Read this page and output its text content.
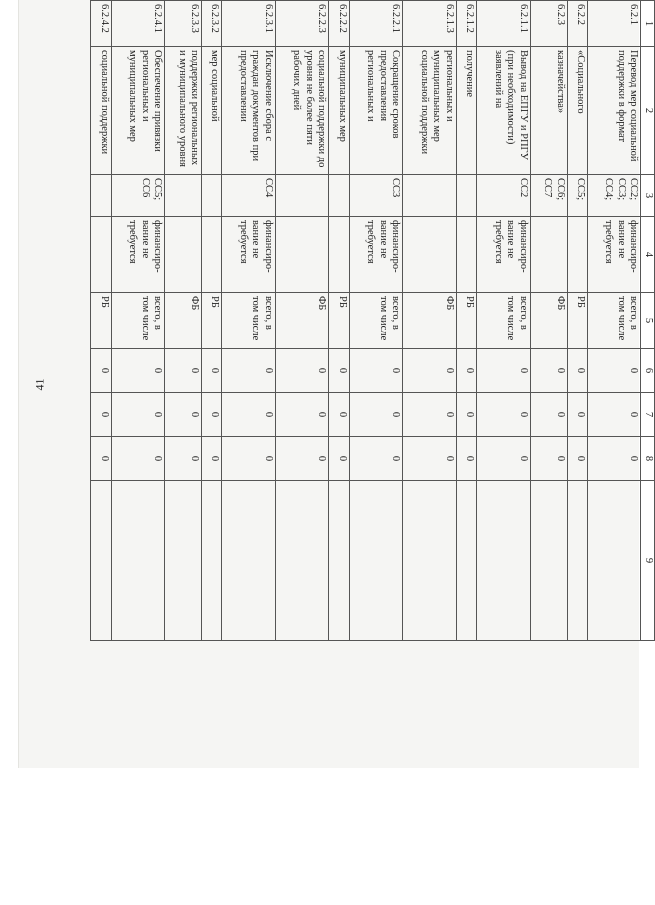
41
1	2	3	4	5	6	7	8	9
6.2.1	Перевод мер социальной поддержки в формат	СС2; СС3; СС4;	финансиро- вание не требуется	всего, в том числе	0	0	0	
6.2.2	«Социального	СС5;		РБ	0	0	0	
6.2.3	казначейства»	СС6; СС7		ФБ	0	0	0	
6.2.1.1	Вывод на ЕПГУ и РПГУ (при необходимости) заявлений на	СС2	финансиро- вание не требуется	всего, в том числе	0	0	0	
6.2.1.2	получение			РБ	0	0	0	
6.2.1.3	региональных и муниципальных мер социальной поддержки			ФБ	0	0	0	
6.2.2.1	Сокращение сроков предоставления региональных и	СС3	финансиро- вание не требуется	всего, в том числе	0	0	0	
6.2.2.2	муниципальных мер			РБ	0	0	0	
6.2.2.3	социальной поддержки до уровня не более пяти рабочих дней			ФБ	0	0	0	
6.2.3.1	Исключение сбора с граждан документов при предоставлении	СС4	финансиро- вание не требуется	всего, в том числе	0	0	0	
6.2.3.2	мер социальной			РБ	0	0	0	
6.2.3.3	поддержки региональных и муниципального уровня			ФБ	0	0	0	
6.2.4.1	Обеспечение привязки региональных и муниципальных мер	СС5; СС6	финансиро- вание не требуется	всего, в том числе	0	0	0	
6.2.4.2	социальной поддержки			РБ	0	0	0	
